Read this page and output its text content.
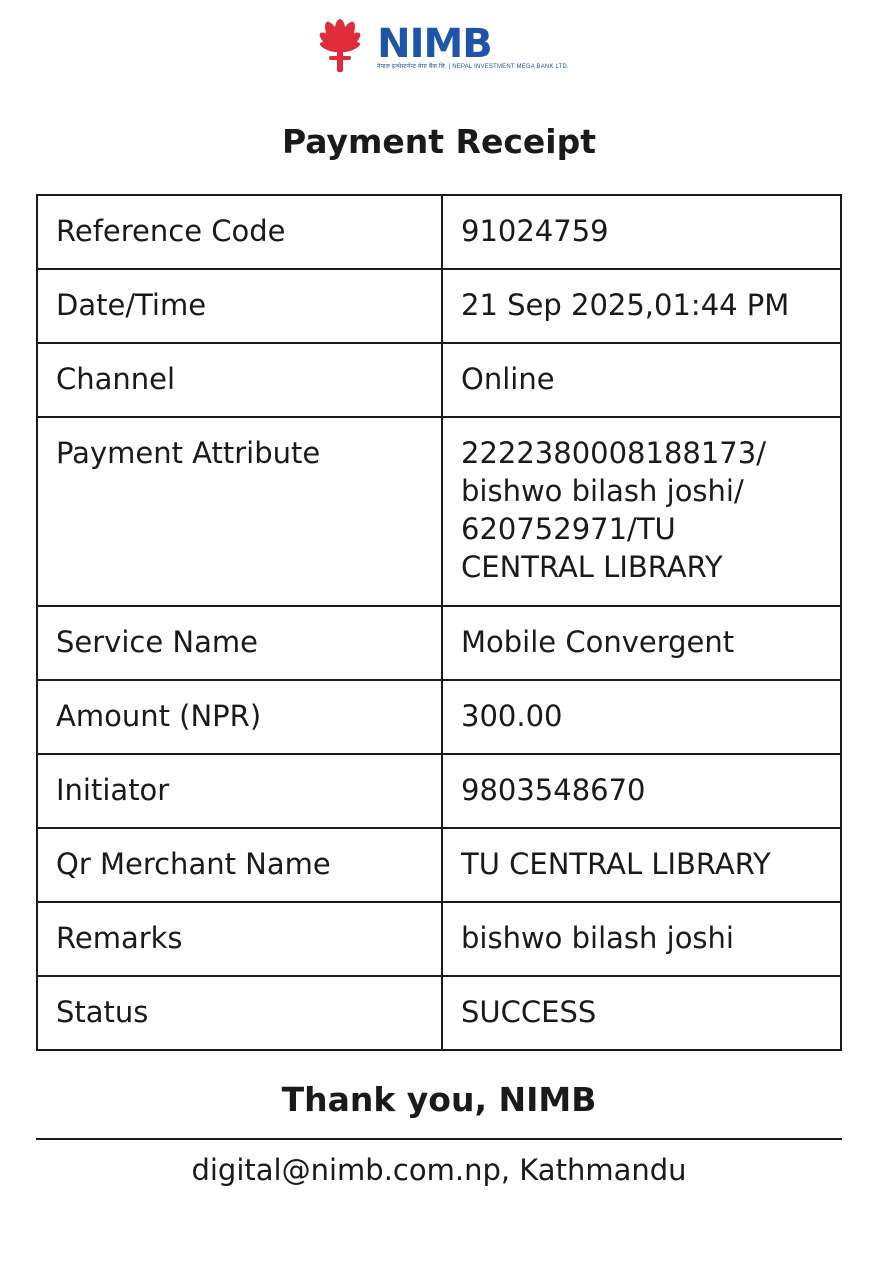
NIMB
नेपाल इन्भेस्टमेन्ट मेगा बैंक लि. | NEPAL INVESTMENT MEGA BANK LTD.
Payment Receipt
Reference Code	91024759
Date/Time	21 Sep 2025,01:44 PM
Channel	Online
Payment Attribute	2222380008188173/
bishwo bilash joshi/
620752971/TU
CENTRAL LIBRARY

Service Name	Mobile Convergent
Amount (NPR)	300.00
Initiator	9803548670
Qr Merchant Name	TU CENTRAL LIBRARY
Remarks	bishwo bilash joshi
Status	SUCCESS
Thank you, NIMB
digital@nimb.com.np, Kathmandu
